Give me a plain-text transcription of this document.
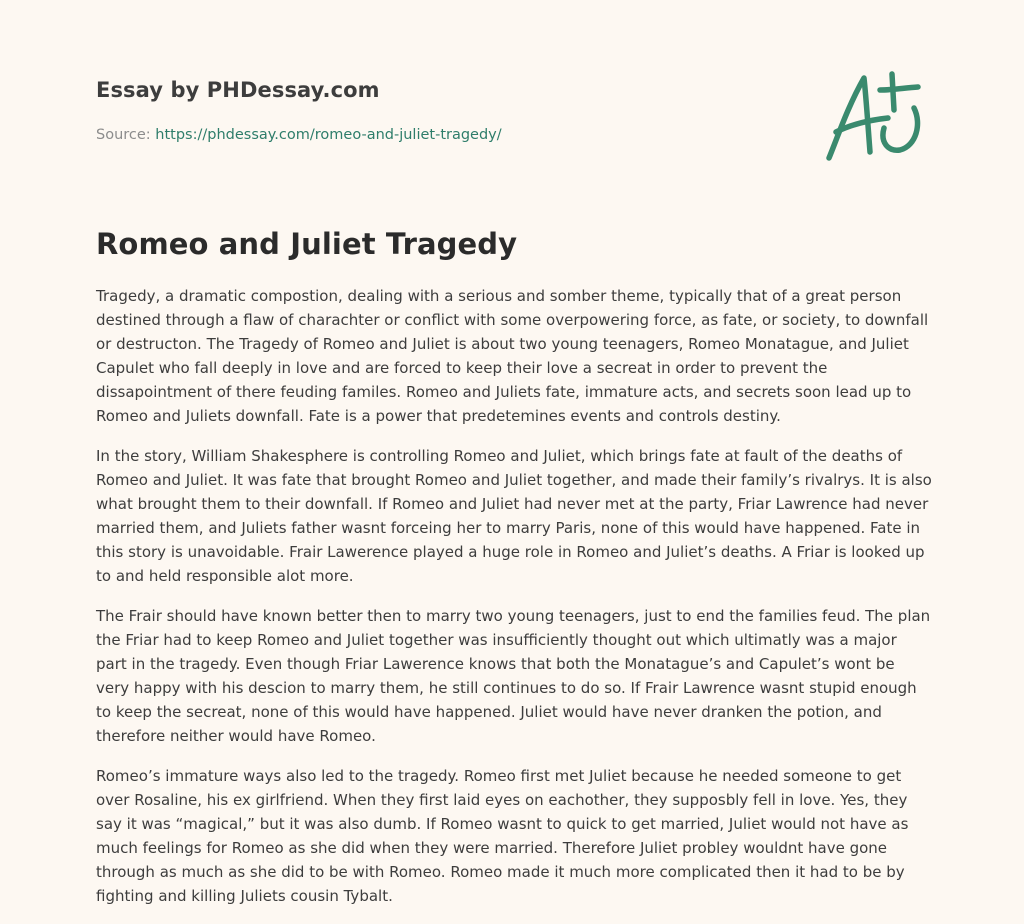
Essay by PHDessay.com
Source: https://phdessay.com/romeo-and-juliet-tragedy/
Romeo and Juliet Tragedy

Tragedy, a dramatic compostion, dealing with a serious and somber theme, typically that of a great person destined through a flaw of charachter or conflict with some overpowering force, as fate, or society, to downfall or destructon. The Tragedy of Romeo and Juliet is about two young teenagers, Romeo Monatague, and Juliet Capulet who fall deeply in love and are forced to keep their love a secreat in order to prevent the dissapointment of there feuding familes. Romeo and Juliets fate, immature acts, and secrets soon lead up to Romeo and Juliets downfall. Fate is a power that predetemines events and controls destiny.

In the story, William Shakesphere is controlling Romeo and Juliet, which brings fate at fault of the deaths of Romeo and Juliet. It was fate that brought Romeo and Juliet together, and made their family’s rivalrys. It is also what brought them to their downfall. If Romeo and Juliet had never met at the party, Friar Lawrence had never married them, and Juliets father wasnt forceing her to marry Paris, none of this would have happened. Fate in this story is unavoidable. Frair Lawerence played a huge role in Romeo and Juliet’s deaths. A Friar is looked up to and held responsible alot more.

The Frair should have known better then to marry two young teenagers, just to end the families feud. The plan the Friar had to keep Romeo and Juliet together was insufficiently thought out which ultimatly was a major part in the tragedy. Even though Friar Lawerence knows that both the Monatague’s and Capulet’s wont be very happy with his descion to marry them, he still continues to do so. If Frair Lawrence wasnt stupid enough to keep the secreat, none of this would have happened. Juliet would have never dranken the potion, and therefore neither would have Romeo.

Romeo’s immature ways also led to the tragedy. Romeo first met Juliet because he needed someone to get over Rosaline, his ex girlfriend. When they first laid eyes on eachother, they supposbly fell in love. Yes, they say it was “magical,” but it was also dumb. If Romeo wasnt to quick to get married, Juliet would not have as much feelings for Romeo as she did when they were married. Therefore Juliet probley wouldnt have gone through as much as she did to be with Romeo. Romeo made it much more complicated then it had to be by fighting and killing Juliets cousin Tybalt.
